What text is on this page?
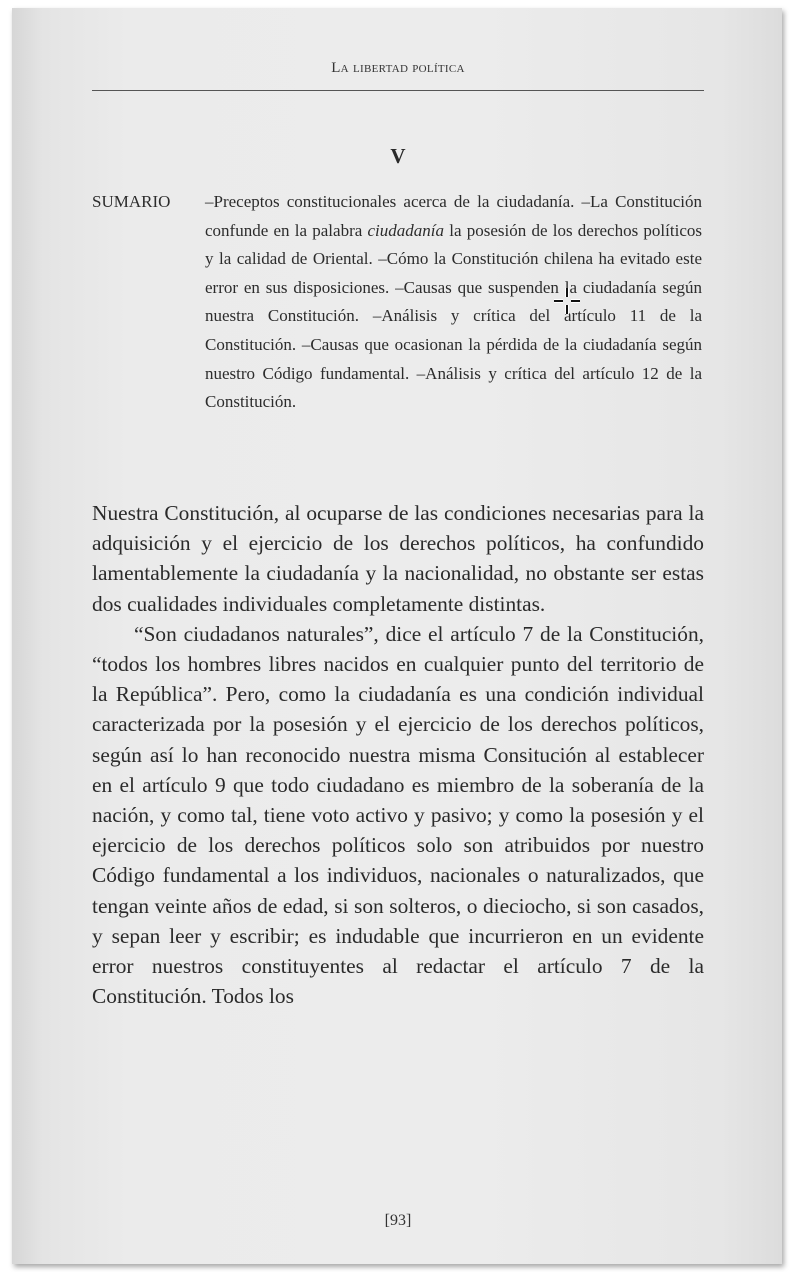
La libertad política
V
SUMARIO –Preceptos constitucionales acerca de la ciudadanía. –La Constitución confunde en la palabra ciudadanía la posesión de los derechos políticos y la calidad de Oriental. –Cómo la Constitución chilena ha evitado este error en sus disposiciones. –Causas que suspenden la ciudadanía según nuestra Constitución. –Análisis y crítica del artículo 11 de la Constitución. –Causas que ocasionan la pérdida de la ciudadanía según nuestro Código fundamental. –Análisis y crítica del artículo 12 de la Constitución.

Nuestra Constitución, al ocuparse de las condiciones necesarias para la adquisición y el ejercicio de los derechos políticos, ha confundido lamentablemente la ciudadanía y la nacionalidad, no obstante ser estas dos cualidades individuales completamente distintas.

“Son ciudadanos naturales”, dice el artículo 7 de la Constitución, “todos los hombres libres nacidos en cualquier punto del territorio de la República”. Pero, como la ciudadanía es una condición individual caracterizada por la posesión y el ejercicio de los derechos políticos, según así lo han reconocido nuestra misma Consitución al establecer en el artículo 9 que todo ciudadano es miembro de la soberanía de la nación, y como tal, tiene voto activo y pasivo; y como la posesión y el ejercicio de los derechos políticos solo son atribuidos por nuestro Código fundamental a los individuos, nacionales o naturalizados, que tengan veinte años de edad, si son solteros, o dieciocho, si son casados, y sepan leer y escribir; es indudable que incurrieron en un evidente error nuestros constituyentes al redactar el artículo 7 de la Constitución. Todos los

[93]
